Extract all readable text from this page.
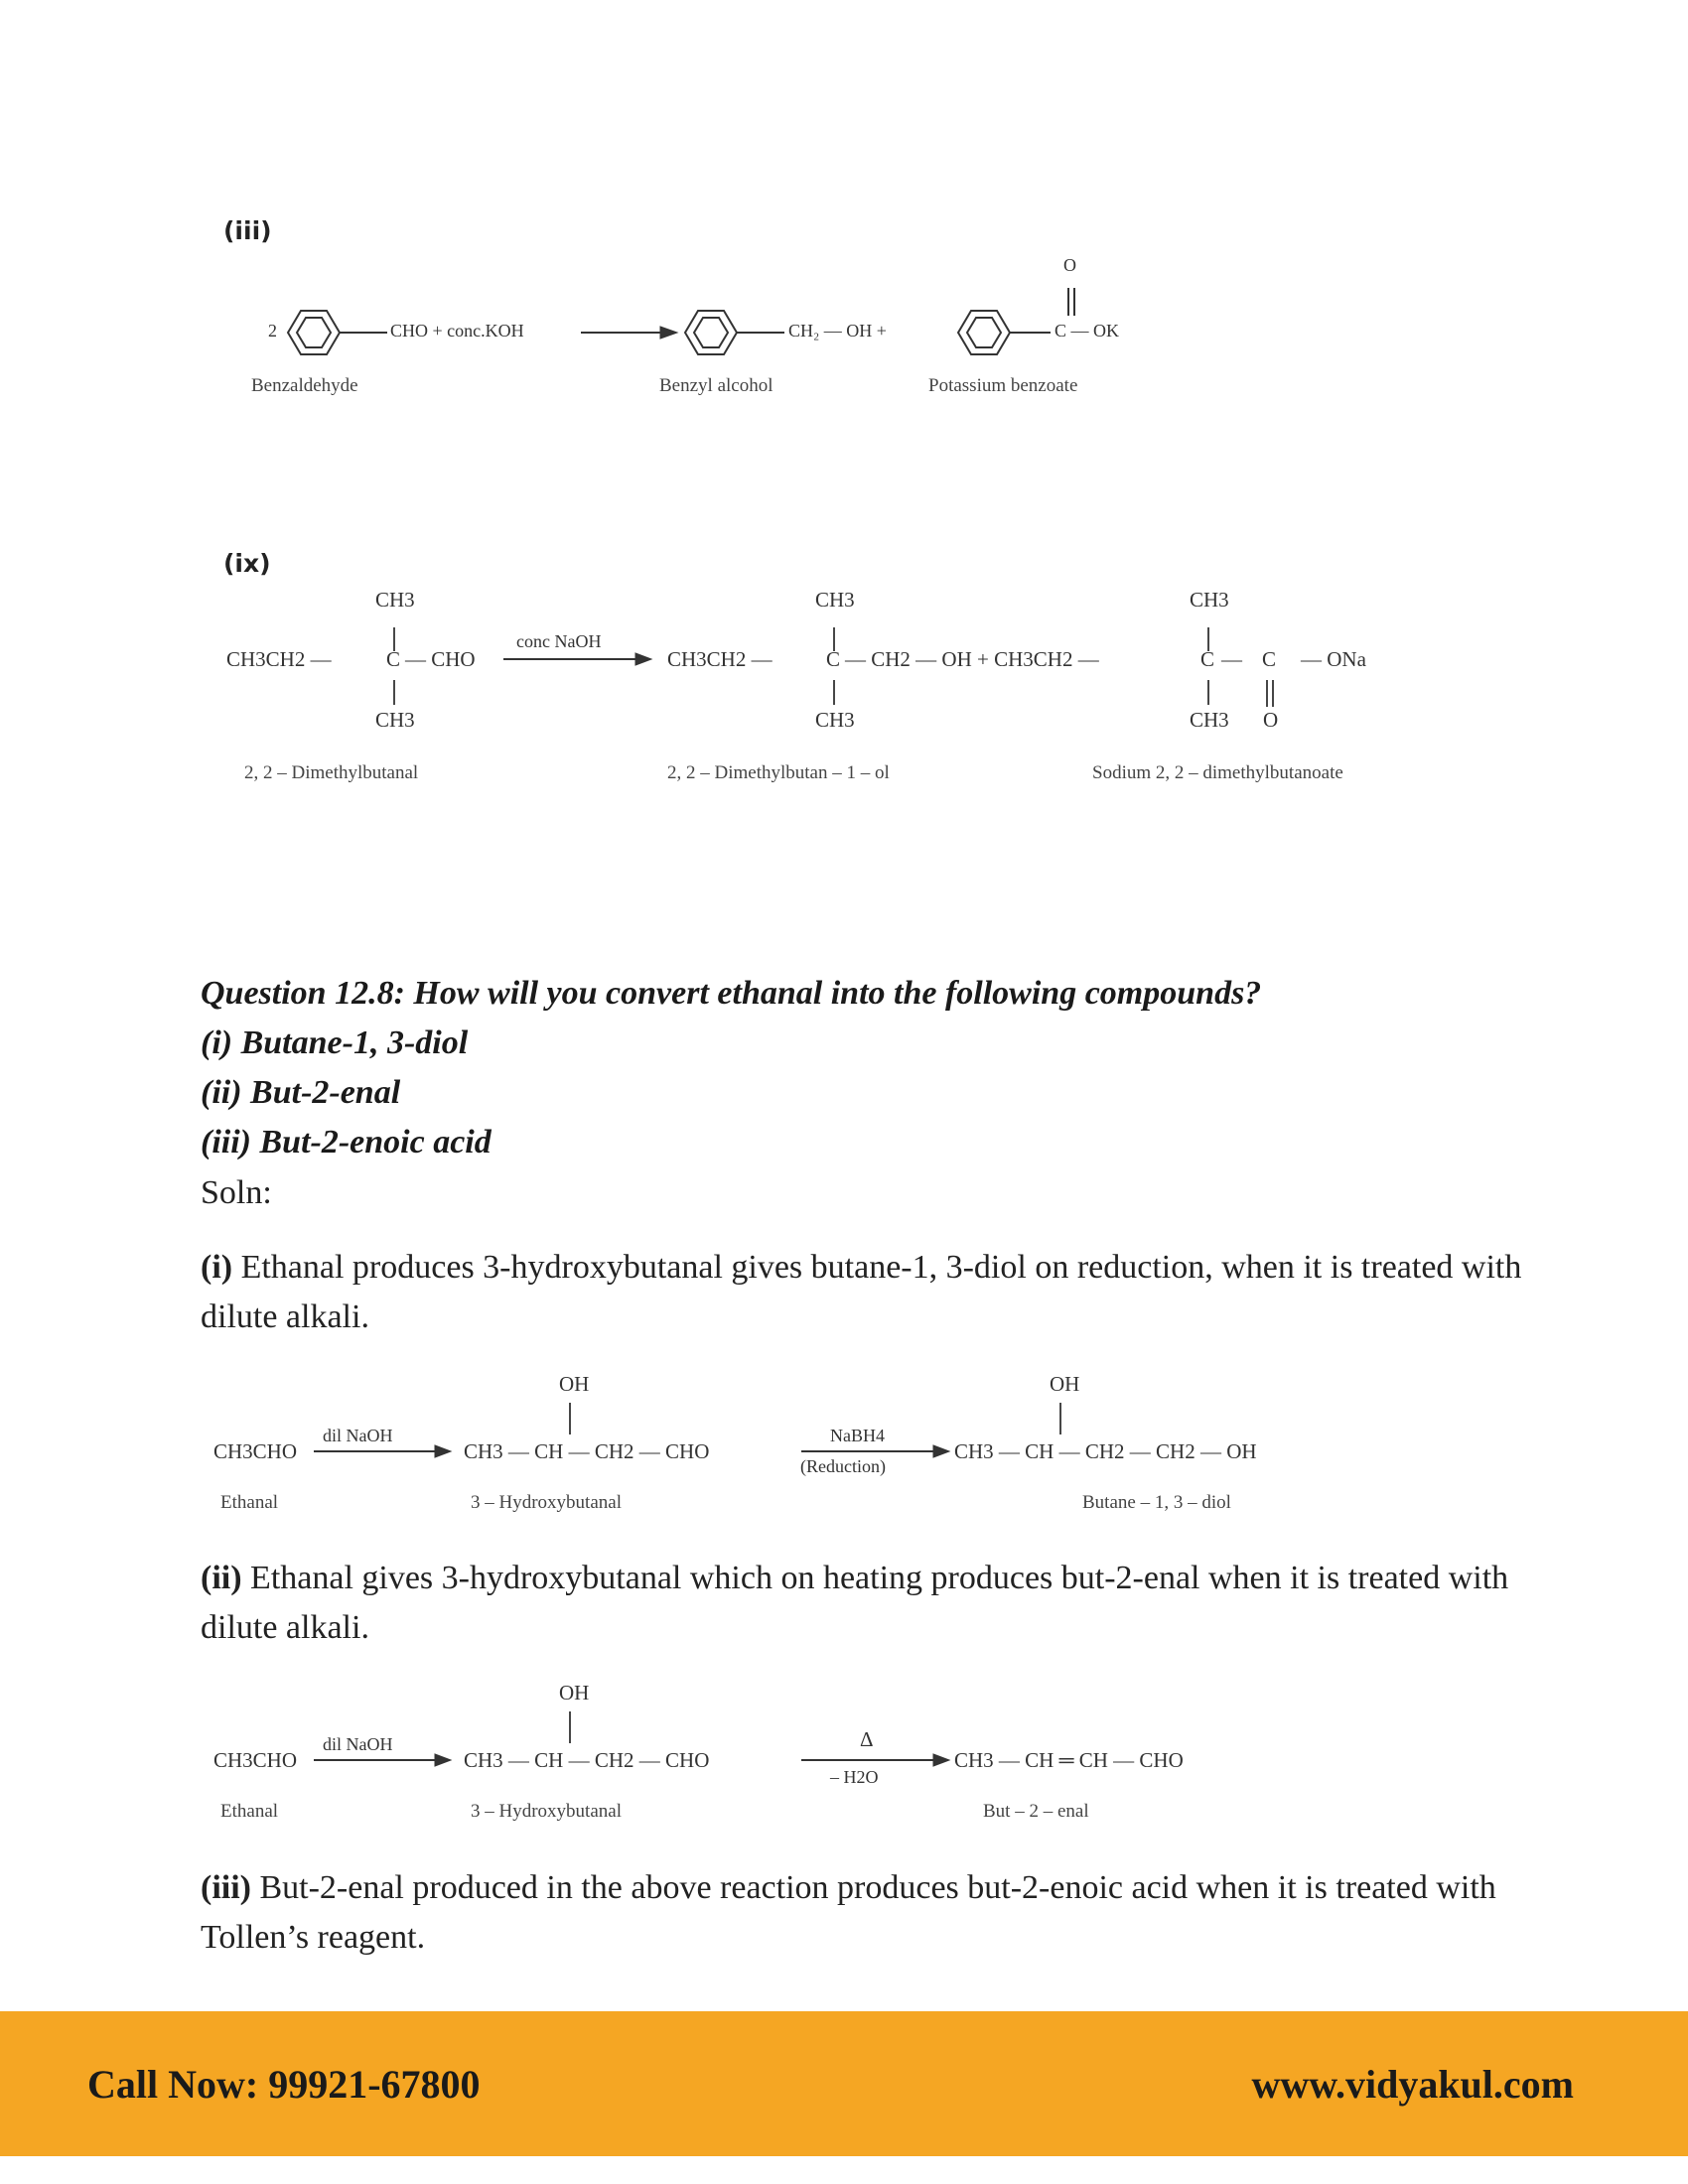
(iii)
2	CHO + conc.KOH	CH₂ — OH +
O
C — OK
Benzaldehyde	Benzyl alcohol	Potassium benzoate
(ix)
CH3
CH3CH2 —	C — CHO
CH3
conc NaOH
CH3
CH3CH2 —	C — CH2 — OH + CH3CH2 —
CH3
CH3
C — C — ONa
CH3 O
2, 2 – Dimethylbutanal	2, 2 – Dimethylbutan – 1 – ol	Sodium 2, 2 – dimethylbutanoate
Question 12.8: How will you convert ethanal into the following compounds?
(i) Butane-1, 3-diol
(ii) But-2-enal
(iii) But-2-enoic acid
Soln:
(i) Ethanal produces 3-hydroxybutanal gives butane-1, 3-diol on reduction, when it is treated with dilute alkali.
OH	OH
CH3CHO
dil NaOH
CH3 — CH — CH2 — CHO
NaBH4
(Reduction)
CH3 — CH — CH2 — CH2 — OH
Ethanal	3 – Hydroxybutanal	Butane – 1, 3 – diol
(ii) Ethanal gives 3-hydroxybutanal which on heating produces but-2-enal when it is treated with dilute alkali.
OH
CH3CHO
dil NaOH
CH3 — CH — CH2 — CHO
Δ
– H2O
CH3 — CH ═ CH — CHO
Ethanal	3 – Hydroxybutanal	But – 2 – enal
(iii) But-2-enal produced in the above reaction produces but-2-enoic acid when it is treated with Tollen’s reagent.
Call Now: 99921-67800	www.vidyakul.com
